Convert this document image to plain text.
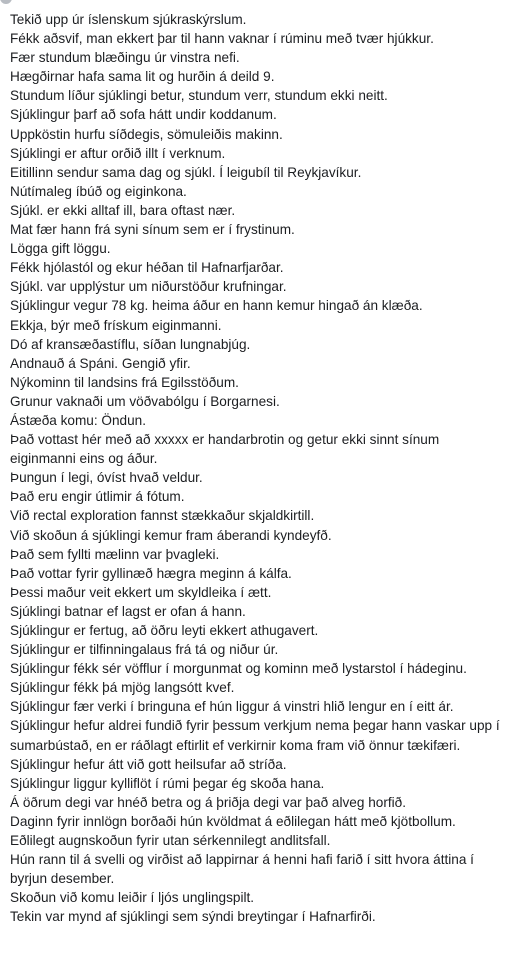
Tekið upp úr íslenskum sjúkraskýrslum.
Fékk aðsvif, man ekkert þar til hann vaknar í rúminu með tvær hjúkkur.
Fær stundum blæðingu úr vinstra nefi.
Hægðirnar hafa sama lit og hurðin á deild 9.
Stundum líður sjúklingi betur, stundum verr, stundum ekki neitt.
Sjúklingur þarf að sofa hátt undir koddanum.
Uppköstin hurfu síðdegis, sömuleiðis makinn.
Sjúklingi er aftur orðið illt í verknum.
Eitillinn sendur sama dag og sjúkl. Í leigubíl til Reykjavíkur.
Nútímaleg íbúð og eiginkona.
Sjúkl. er ekki alltaf ill, bara oftast nær.
Mat fær hann frá syni sínum sem er í frystinum.
Lögga gift löggu.
Fékk hjólastól og ekur héðan til Hafnarfjarðar.
Sjúkl. var upplýstur um niðurstöður krufningar.
Sjúklingur vegur 78 kg. heima áður en hann kemur hingað án klæða.
Ekkja, býr með frískum eiginmanni.
Dó af kransæðastíflu, síðan lungnabjúg.
Andnauð á Spáni. Gengið yfir.
Nýkominn til landsins frá Egilsstöðum.
Grunur vaknaði um vöðvabólgu í Borgarnesi.
Ástæða komu: Öndun.
Það vottast hér með að xxxxx er handarbrotin og getur ekki sinnt sínum eiginmanni eins og áður.
Þungun í legi, óvíst hvað veldur.
Það eru engir útlimir á fótum.
Við rectal exploration fannst stækkaður skjaldkirtill.
Við skoðun á sjúklingi kemur fram áberandi kyndeyfð.
Það sem fyllti mælinn var þvagleki.
Það vottar fyrir gyllinæð hægra meginn á kálfa.
Þessi maður veit ekkert um skyldleika í ætt.
Sjúklingi batnar ef lagst er ofan á hann.
Sjúklingur er fertug, að öðru leyti ekkert athugavert.
Sjúklingur er tilfinningalaus frá tá og niður úr.
Sjúklingur fékk sér vöfflur í morgunmat og kominn með lystarstol í hádeginu.
Sjúklingur fékk þá mjög langsótt kvef.
Sjúklingur fær verki í bringuna ef hún liggur á vinstri hlið lengur en í eitt ár.
Sjúklingur hefur aldrei fundið fyrir þessum verkjum nema þegar hann vaskar upp í sumarbústað, en er ráðlagt eftirlit ef verkirnir koma fram við önnur tækifæri.
Sjúklingur hefur átt við gott heilsufar að stríða.
Sjúklingur liggur kylliflöt í rúmi þegar ég skoða hana.
Á öðrum degi var hnéð betra og á þriðja degi var það alveg horfið.
Daginn fyrir innlögn borðaði hún kvöldmat á eðlilegan hátt með kjötbollum.
Eðlilegt augnskoðun fyrir utan sérkennilegt andlitsfall.
Hún rann til á svelli og virðist að lappirnar á henni hafi farið í sitt hvora áttina í byrjun desember.
Skoðun við komu leiðir í ljós unglingspilt.
Tekin var mynd af sjúklingi sem sýndi breytingar í Hafnarfirði.
